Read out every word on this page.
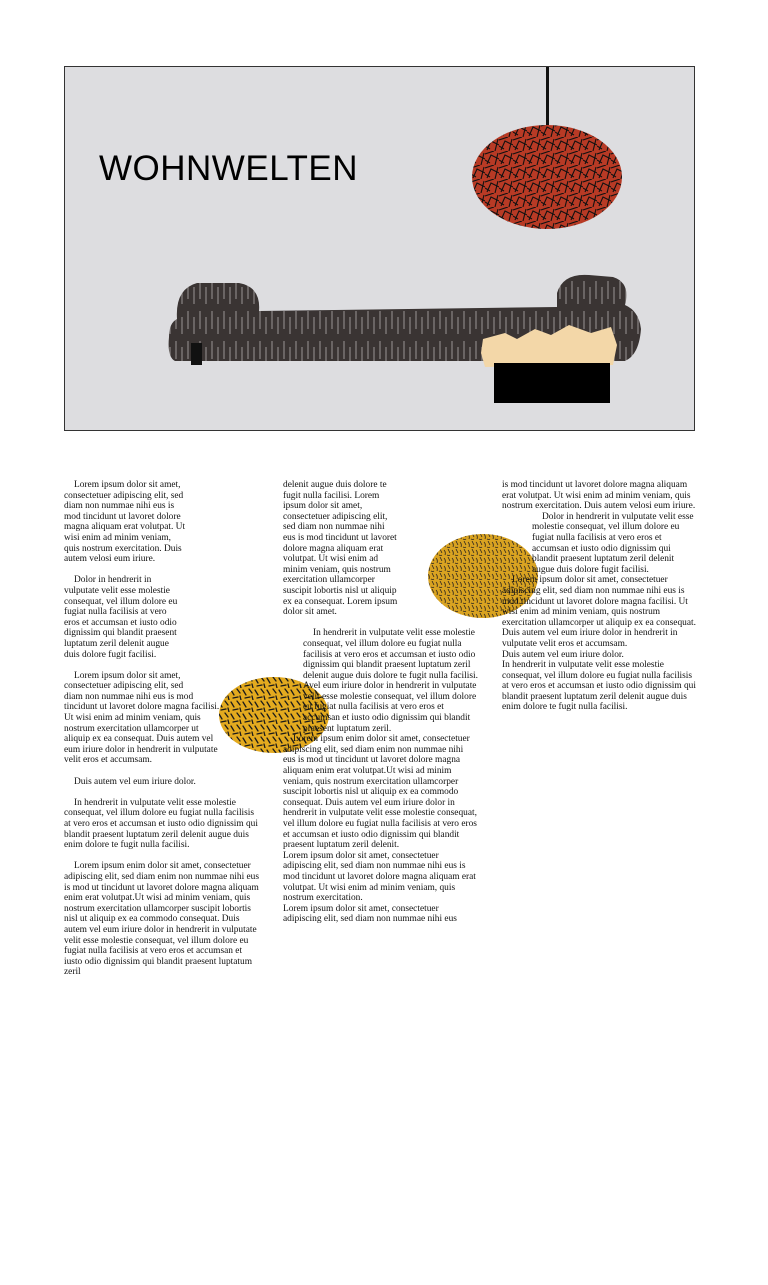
WOHNWELTEN

Lorem ipsum dolor sit amet, consectetuer adipiscing elit, sed diam non nummae nihi eus is mod tincidunt ut lavoret dolore magna aliquam erat volutpat. Ut wisi enim ad minim veniam, quis nostrum exercitation. Duis autem velosi eum iriure.

Dolor in hendrerit in vulputate velit esse molestie consequat, vel illum dolore eu fugiat nulla facilisis at vero eros et accumsan et iusto odio dignissim qui blandit praesent luptatum zeril delenit augue duis dolore fugit facilisi.

Lorem ipsum dolor sit amet, consectetuer adipiscing elit, sed diam non nummae nihi eus is mod tincidunt ut lavoret dolore magna facilisi. Ut wisi enim ad minim veniam, quis nostrum exercitation ullamcorper ut aliquip ex ea consequat. Duis autem vel eum iriure dolor in hendrerit in vulputate velit eros et accumsam.

Duis autem vel eum iriure dolor.

In hendrerit in vulputate velit esse molestie consequat, vel illum dolore eu fugiat nulla facilisis at vero eros et accumsan et iusto odio dignissim qui blandit praesent luptatum zeril delenit augue duis enim dolore te fugit nulla facilisi.

Lorem ipsum enim dolor sit amet, consectetuer adipiscing elit, sed diam enim non nummae nihi eus is mod ut tincidunt ut lavoret dolore magna aliquam enim erat volutpat.Ut wisi ad minim veniam, quis nostrum exercitation ullamcorper suscipit lobortis nisl ut aliquip ex ea commodo consequat. Duis autem vel eum iriure dolor in hendrerit in vulputate velit esse molestie consequat, vel illum dolore eu fugiat nulla facilisis at vero eros et accumsan et iusto odio dignissim qui blandit praesent luptatum zeril

delenit augue duis dolore te fugit nulla facilisi. Lorem ipsum dolor sit amet, consectetuer adipiscing elit, sed diam non nummae nihi eus is mod tincidunt ut lavoret dolore magna aliquam erat volutpat. Ut wisi enim ad minim veniam, quis nostrum exercitation ullamcorper suscipit lobortis nisl ut aliquip ex ea consequat. Lorem ipsum dolor sit amet.

In hendrerit in vulputate velit esse molestie consequat, vel illum dolore eu fugiat nulla facilisis at vero eros et accumsan et iusto odio dignissim qui blandit praesent luptatum zeril delenit augue duis dolore te fugit nulla facilisi. Avel eum iriure dolor in hendrerit in vulputate velit esse molestie consequat, vel illum dolore eu fugiat nulla facilisis at vero eros et accumsan et iusto odio dignissim qui blandit praesent luptatum zeril.

Lorem ipsum enim dolor sit amet, consectetuer adipiscing elit, sed diam enim non nummae nihi eus is mod ut tincidunt ut lavoret dolore magna aliquam enim erat volutpat.Ut wisi ad minim veniam, quis nostrum exercitation ullamcorper suscipit lobortis nisl ut aliquip ex ea commodo consequat. Duis autem vel eum iriure dolor in hendrerit in vulputate velit esse molestie consequat, vel illum dolore eu fugiat nulla facilisis at vero eros et accumsan et iusto odio dignissim qui blandit praesent luptatum zeril delenit.

Lorem ipsum dolor sit amet, consectetuer adipiscing elit, sed diam non nummae nihi eus is mod tincidunt ut lavoret dolore magna aliquam erat volutpat. Ut wisi enim ad minim veniam, quis nostrum exercitation.

Lorem ipsum dolor sit amet, consectetuer adipiscing elit, sed diam non nummae nihi eus

is mod tincidunt ut lavoret dolore magna aliquam erat volutpat. Ut wisi enim ad minim veniam, quis nostrum exercitation. Duis autem velosi eum iriure.

Dolor in hendrerit in vulputate velit esse molestie consequat, vel illum dolore eu fugiat nulla facilisis at vero eros et accumsan et iusto odio dignissim qui blandit praesent luptatum zeril delenit augue duis dolore fugit facilisi.

Lorem ipsum dolor sit amet, consectetuer adipiscing elit, sed diam non nummae nihi eus is mod tincidunt ut lavoret dolore magna facilisi. Ut wisi enim ad minim veniam, quis nostrum exercitation ullamcorper ut aliquip ex ea consequat. Duis autem vel eum iriure dolor in hendrerit in vulputate velit eros et accumsam.

Duis autem vel eum iriure dolor.

In hendrerit in vulputate velit esse molestie consequat, vel illum dolore eu fugiat nulla facilisis at vero eros et accumsan et iusto odio dignissim qui blandit praesent luptatum zeril delenit augue duis enim dolore te fugit nulla facilisi.
